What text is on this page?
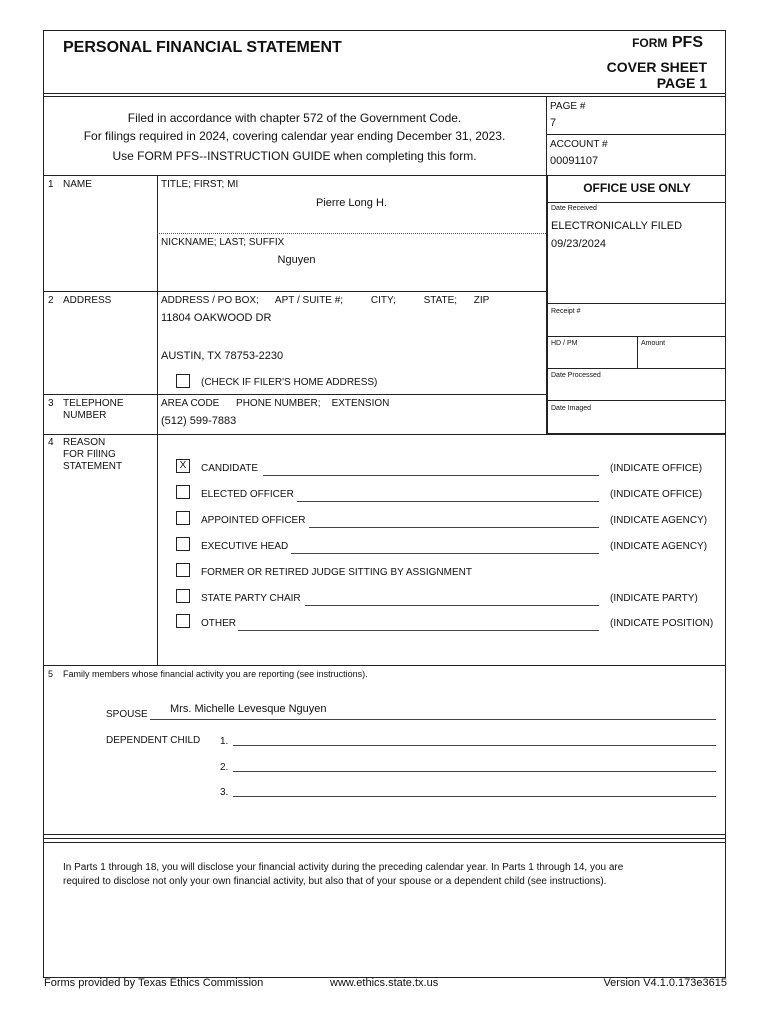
PERSONAL FINANCIAL STATEMENT	FORM PFS
COVER SHEET
PAGE 1
Filed in accordance with chapter 572 of the Government Code.
For filings required in 2024, covering calendar year ending December 31, 2023.
Use FORM PFS--INSTRUCTION GUIDE when completing this form.
PAGE #
7
ACCOUNT #
00091107
OFFICE USE ONLY
Date Received
ELECTRONICALLY FILED
09/23/2024
Receipt #
HD / PM	Amount
Date Processed
Date Imaged
1 NAME	TITLE; FIRST; MI
Pierre Long H.
NICKNAME; LAST; SUFFIX
Nguyen
2 ADDRESS	ADDRESS / PO BOX;      APT / SUITE #;          CITY;          STATE;      ZIP
11804 OAKWOOD DR
AUSTIN, TX 78753-2230
(CHECK IF FILER'S HOME ADDRESS)
3 TELEPHONE
NUMBER
AREA CODE      PHONE NUMBER;    EXTENSION
(512) 599-7883
4 REASON
FOR FIlING
STATEMENT	X	CANDIDATE	(INDICATE OFFICE)
ELECTED OFFICER	(INDICATE OFFICE)
APPOINTED OFFICER	(INDICATE AGENCY)
EXECUTIVE HEAD	(INDICATE AGENCY)
FORMER OR RETIRED JUDGE SITTING BY ASSIGNMENT
STATE PARTY CHAIR	(INDICATE PARTY)
OTHER	(INDICATE POSITION)
5 Family members whose financial activity you are reporting (see instructions).
SPOUSE Mrs. Michelle Levesque Nguyen
DEPENDENT CHILD 1.
2.
3.
In Parts 1 through 18, you will disclose your financial activity during the preceding calendar year. In Parts 1 through 14, you are
required to disclose not only your own financial activity, but also that of your spouse or a dependent child (see instructions).
Forms provided by Texas Ethics Commission	www.ethics.state.tx.us	Version V4.1.0.173e3615
